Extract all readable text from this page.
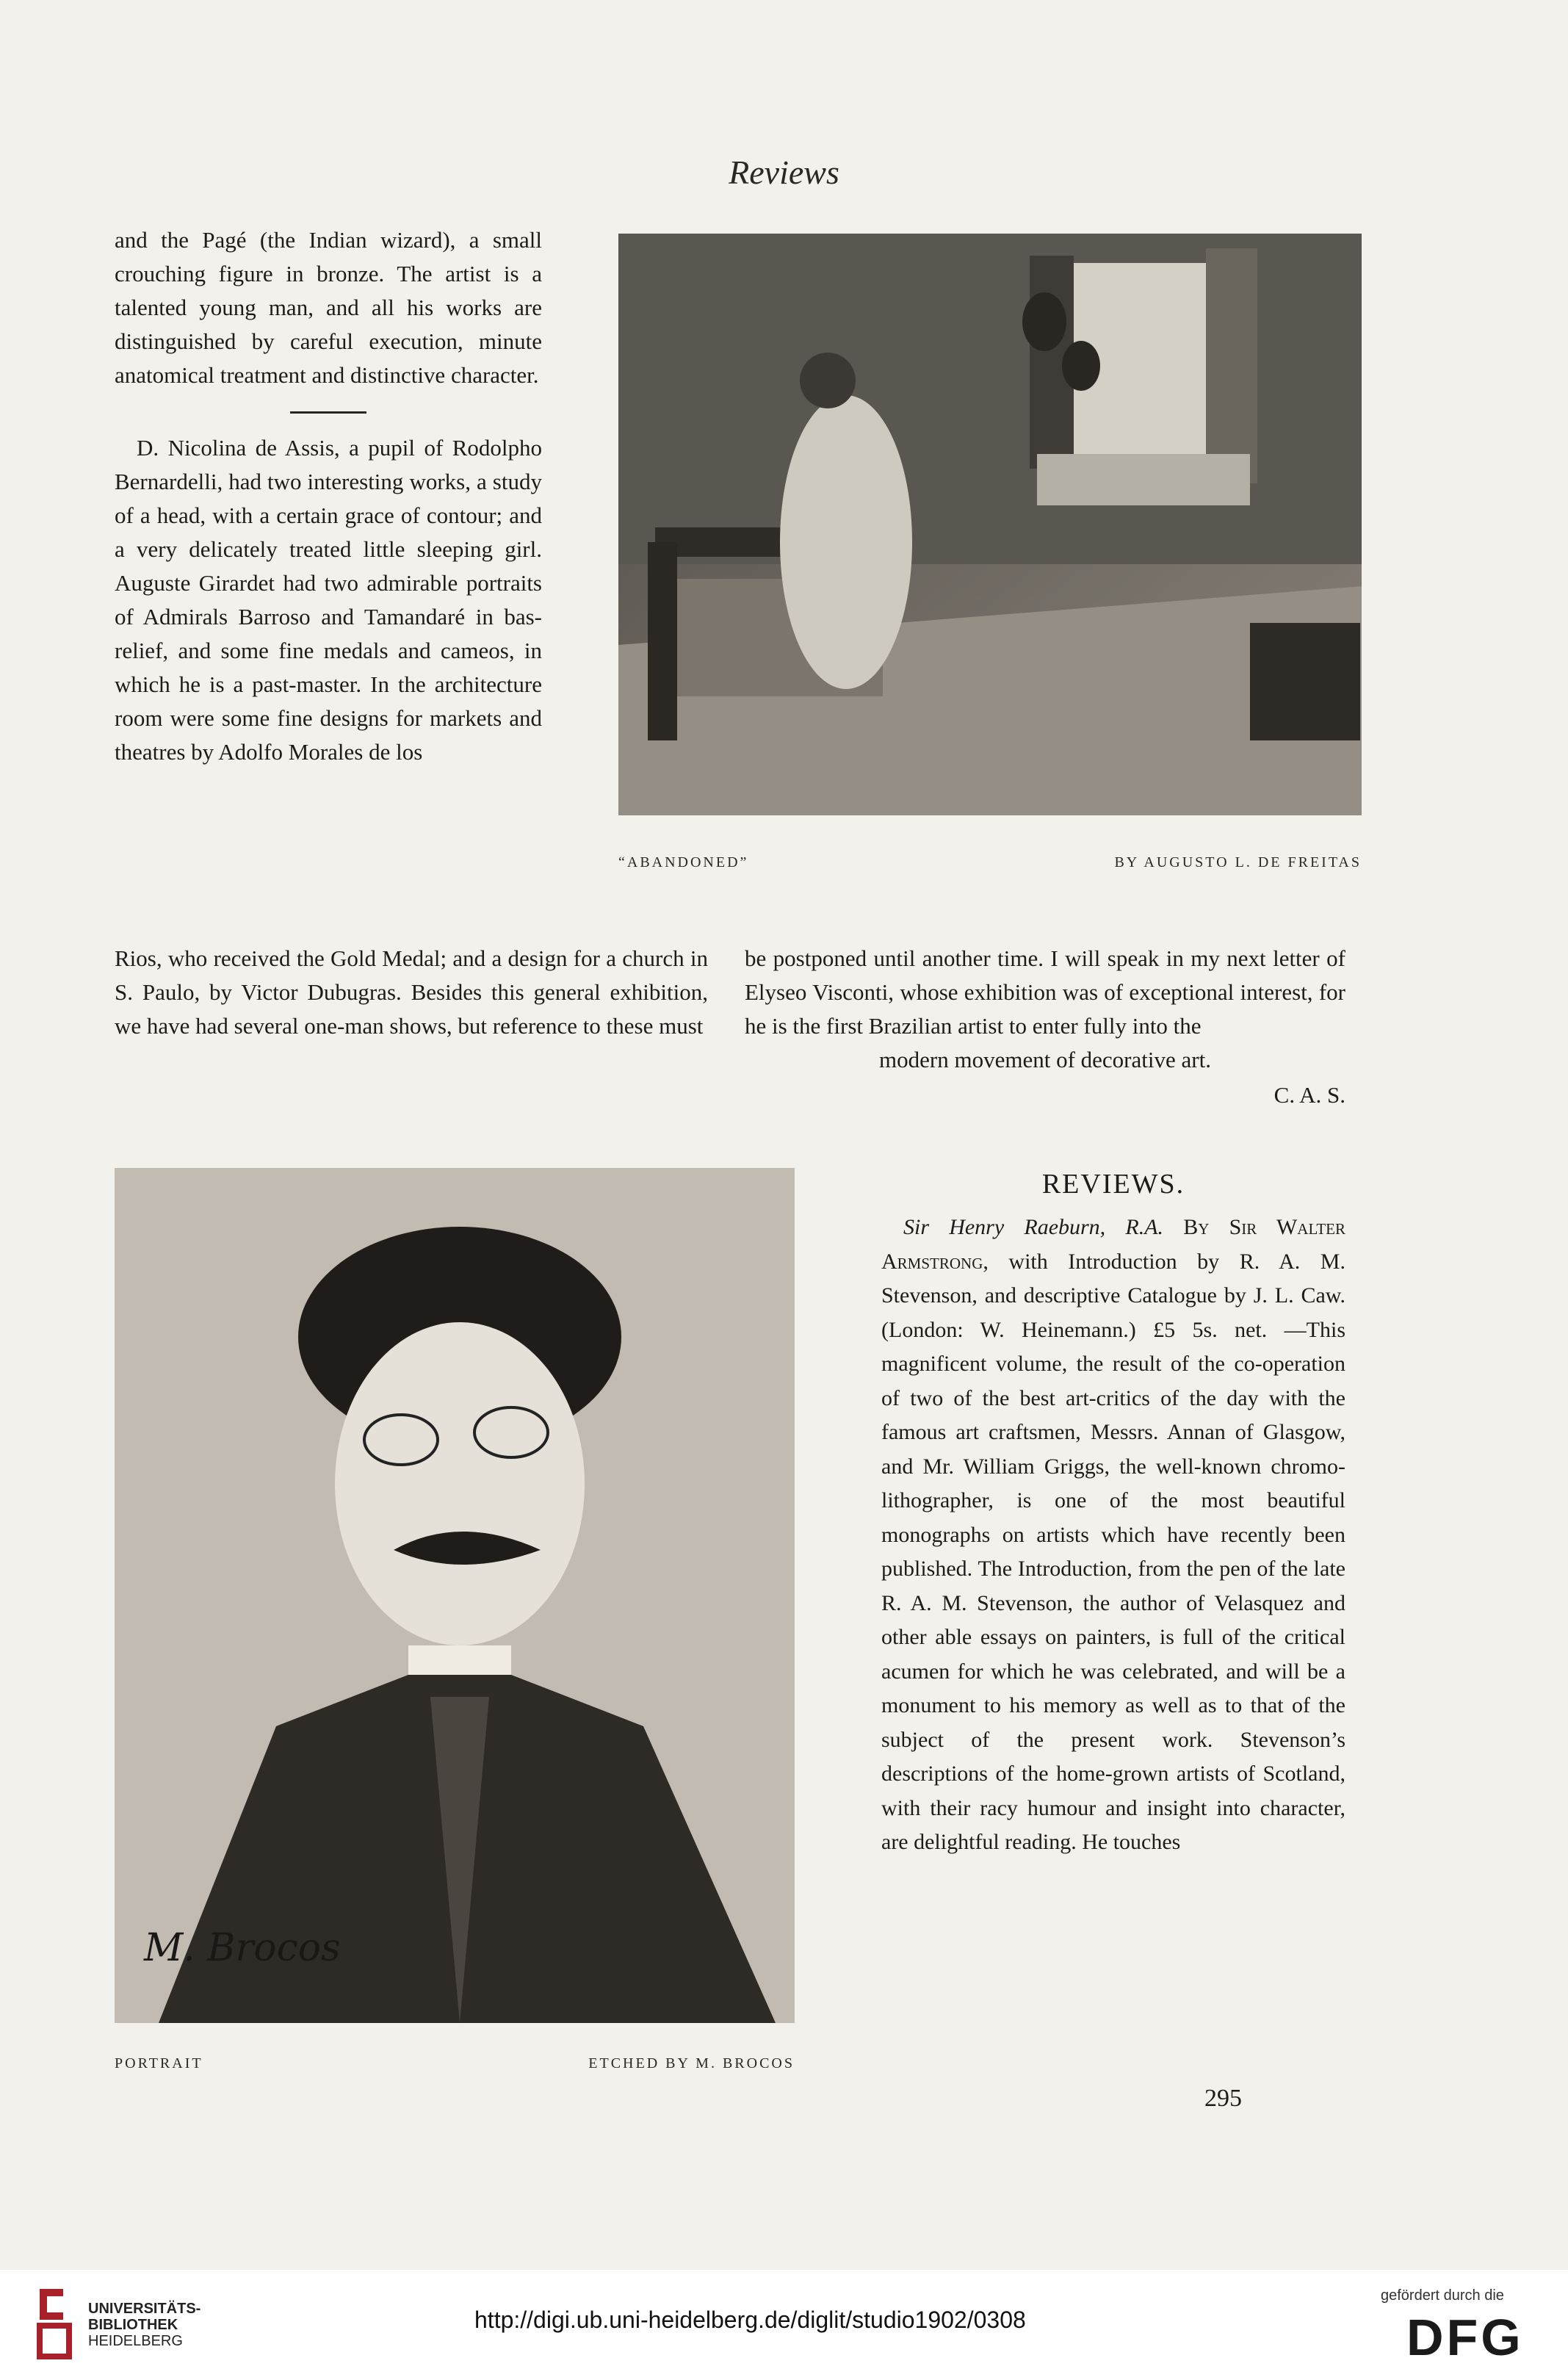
Reviews

and the Pagé (the Indian wizard), a small crouching figure in bronze. The artist is a talented young man, and all his works are distinguished by careful execution, minute anatomical treatment and distinctive character.

D. Nicolina de Assis, a pupil of Rodolpho Bernardelli, had two interesting works, a study of a head, with a certain grace of contour; and a very delicately treated little sleeping girl. Auguste Girardet had two admirable portraits of Admirals Barroso and Tamandaré in bas-relief, and some fine medals and cameos, in which he is a past-master. In the architecture room were some fine designs for markets and theatres by Adolfo Morales de los

“ABANDONED”	BY AUGUSTO L. DE FREITAS

Rios, who received the Gold Medal; and a design for a church in S. Paulo, by Victor Dubugras. Besides this general exhibition, we have had several one-man shows, but reference to these must

be postponed until another time. I will speak in my next letter of Elyseo Visconti, whose exhibition was of exceptional interest, for he is the first Brazilian artist to enter fully into the

modern movement of decorative art.
C. A. S.
M. Brocos
PORTRAIT	ETCHED BY M. BROCOS
REVIEWS.

Sir Henry Raeburn, R.A. By Sir Walter Armstrong, with Introduction by R. A. M. Stevenson, and descriptive Catalogue by J. L. Caw. (London: W. Heinemann.) £5 5s. net. —This magnificent volume, the result of the co-operation of two of the best art-critics of the day with the famous art craftsmen, Messrs. Annan of Glasgow, and Mr. William Griggs, the well-known chromo-lithographer, is one of the most beautiful monographs on artists which have recently been published. The Introduction, from the pen of the late R. A. M. Stevenson, the author of Velasquez and other able essays on painters, is full of the critical acumen for which he was celebrated, and will be a monument to his memory as well as to that of the subject of the present work. Stevenson’s descriptions of the home-grown artists of Scotland, with their racy humour and insight into character, are delightful reading. He touches

295
UNIVERSITÄTS-
BIBLIOTHEK
HEIDELBERG
http://digi.ub.uni-heidelberg.de/diglit/studio1902/0308
gefördert durch die
DFG
